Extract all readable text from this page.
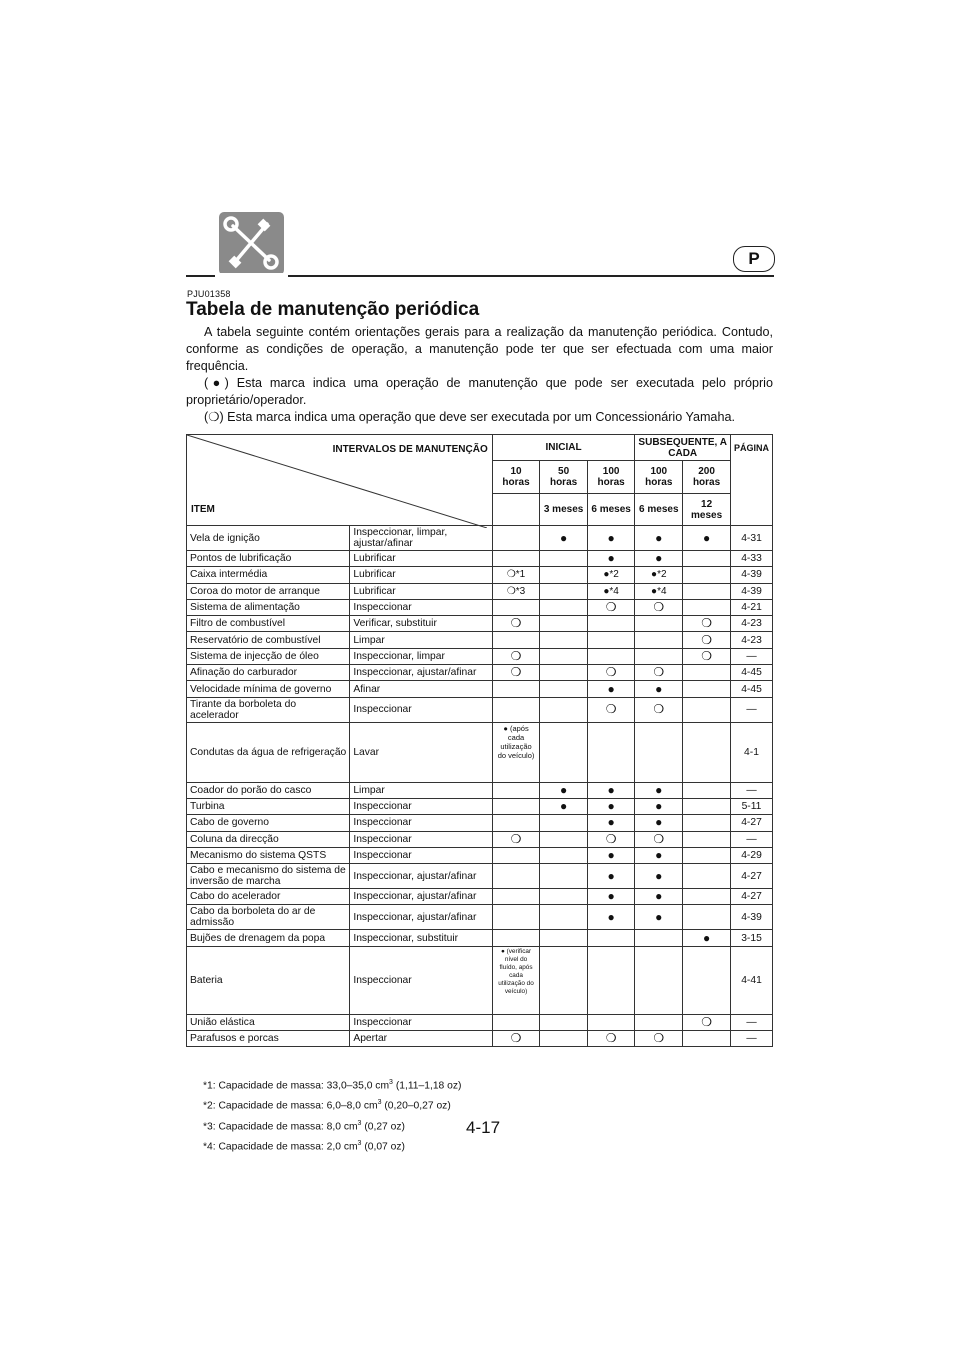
P
PJU01358
Tabela de manutenção periódica

A tabela seguinte contém orientações gerais para a realização da manutenção periódica. Contudo, conforme as condições de operação, a manutenção pode ter que ser efectuada com uma maior frequência.

(●) Esta marca indica uma operação de manutenção que pode ser executada pelo próprio proprietário/operador.

(❍) Esta marca indica uma operação que deve ser executada por um Concessionário Yamaha.

INTERVALOS DE MANUTENÇÃO
ITEM		INICIAL			SUBSEQUENTE, A CADA		PÁGINA
		10 horas	50 horas	100 horas	100 horas	200 horas	
			3 meses	6 meses	6 meses	12 meses	
Vela de ignição	Inspeccionar, limpar, ajustar/afinar		●	●	●	●	4-31
Pontos de lubrificação	Lubrificar			●	●		4-33
Caixa intermédia	Lubrificar	❍*1		●*2	●*2		4-39
Coroa do motor de arranque	Lubrificar	❍*3		●*4	●*4		4-39
Sistema de alimentação	Inspeccionar			❍	❍		4-21
Filtro de combustível	Verificar, substituir	❍				❍	4-23
Reservatório de combustível	Limpar					❍	4-23
Sistema de injecção de óleo	Inspeccionar, limpar	❍				❍	—
Afinação do carburador	Inspeccionar, ajustar/afinar	❍		❍	❍		4-45
Velocidade mínima de governo	Afinar			●	●		4-45
Tirante da borboleta do acelerador	Inspeccionar			❍	❍		—
Condutas da água de refrigeração	Lavar	● (após cada utilização do veículo)					4-1
Coador do porão do casco	Limpar		●	●	●		—
Turbina	Inspeccionar		●	●	●		5-11
Cabo de governo	Inspeccionar			●	●		4-27
Coluna da direcção	Inspeccionar	❍		❍	❍		—
Mecanismo do sistema QSTS	Inspeccionar			●	●		4-29
Cabo e mecanismo do sistema de inversão de marcha	Inspeccionar, ajustar/afinar			●	●		4-27
Cabo do acelerador	Inspeccionar, ajustar/afinar			●	●		4-27
Cabo da borboleta do ar de admissão	Inspeccionar, ajustar/afinar			●	●		4-39
Bujões de drenagem da popa	Inspeccionar, substituir					●	3-15
Bateria	Inspeccionar	● (verificar nível do fluído, após cada utilização do veículo)					4-41
União elástica	Inspeccionar					❍	—
Parafusos e porcas	Apertar	❍		❍	❍		—
*1: Capacidade de massa: 33,0–35,0 $cm^3$ (1,11–1,18 oz)
*2: Capacidade de massa: 6,0–8,0 $cm^3$ (0,20–0,27 oz)
*3: Capacidade de massa: 8,0 $cm^3$ (0,27 oz)
*4: Capacidade de massa: 2,0 $cm^3$ (0,07 oz)
4-17
